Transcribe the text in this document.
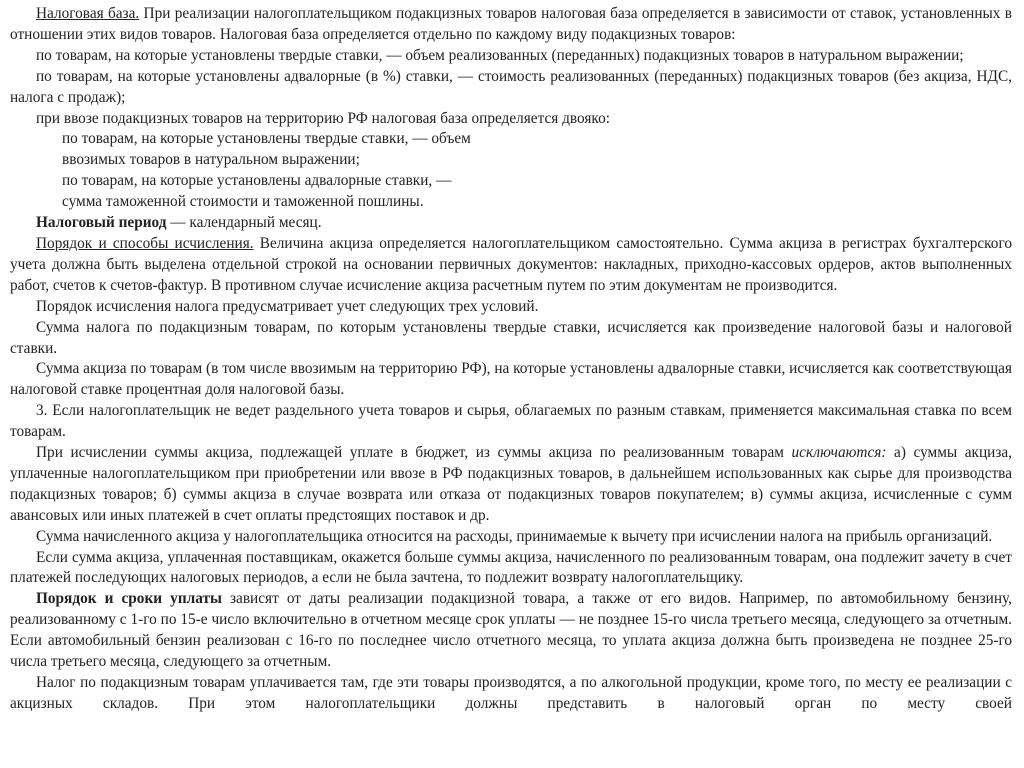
Налоговая база. При реализации налогоплательщиком подакцизных товаров налоговая база определяется в зависимости от ставок, установленных в отношении этих видов товаров. Налоговая база определяется отдельно по каждому виду подакцизных товаров:

по товарам, на которые установлены твердые ставки, — объем реализованных (переданных) подакцизных товаров в натуральном выражении;

по товарам, на которые установлены адвалорные (в %) ставки, — стоимость реализованных (переданных) подакцизных товаров (без акциза, НДС, налога с продаж);

при ввозе подакцизных товаров на территорию РФ налоговая база определяется двояко:

по товарам, на которые установлены твердые ставки, — объем

ввозимых товаров в натуральном выражении;

по товарам, на которые установлены адвалорные ставки, —

сумма таможенной стоимости и таможенной пошлины.

Налоговый период — календарный месяц.

Порядок и способы исчисления. Величина акциза определяется налогоплательщиком самостоятельно. Сумма акциза в регистрах бухгалтерского учета должна быть выделена отдельной строкой на основании первичных документов: накладных, приходно-кассовых ордеров, актов выполненных работ, счетов к счетов-фактур. В противном случае исчисление акциза расчетным путем по этим документам не производится.

Порядок исчисления налога предусматривает учет следующих трех условий.

Сумма налога по подакцизным товарам, по которым установлены твердые ставки, исчисляется как произведение налоговой базы и налоговой ставки.

Сумма акциза по товарам (в том числе ввозимым на территорию РФ), на которые установлены адвалорные ставки, исчисляется как соответствующая налоговой ставке процентная доля налоговой базы.

3. Если налогоплательщик не ведет раздельного учета товаров и сырья, облагаемых по разным ставкам, применяется максимальная ставка по всем товарам.

При исчислении суммы акциза, подлежащей уплате в бюджет, из суммы акциза по реализованным товарам исключаются: а) суммы акциза, уплаченные налогоплательщиком при приобретении или ввозе в РФ подакцизных товаров, в дальнейшем использованных как сырье для производства подакцизных товаров; б) суммы акциза в случае возврата или отказа от подакцизных товаров покупателем; в) суммы акциза, исчисленные с сумм авансовых или иных платежей в счет оплаты предстоящих поставок и др.

Сумма начисленного акциза у налогоплательщика относится на расходы, принимаемые к вычету при исчислении налога на прибыль организаций.

Если сумма акциза, уплаченная поставщикам, окажется больше суммы акциза, начисленного по реализованным товарам, она подлежит зачету в счет платежей последующих налоговых периодов, а если не была зачтена, то подлежит возврату налогоплательщику.

Порядок и сроки уплаты зависят от даты реализации подакцизной товара, а также от его видов. Например, по автомобильному бензину, реализованному с 1-го по 15-е число включительно в отчетном месяце срок уплаты — не позднее 15-го числа третьего месяца, следующего за отчетным. Если автомобильный бензин реализован с 16-го по последнее число отчетного месяца, то уплата акциза должна быть произведена не позднее 25-го числа третьего месяца, следующего за отчетным.

Налог по подакцизным товарам уплачивается там, где эти товары производятся, а по алкогольной продукции, кроме того, по месту ее реализации с акцизных складов. При этом налогоплательщики должны представить в налоговый орган по месту своей
